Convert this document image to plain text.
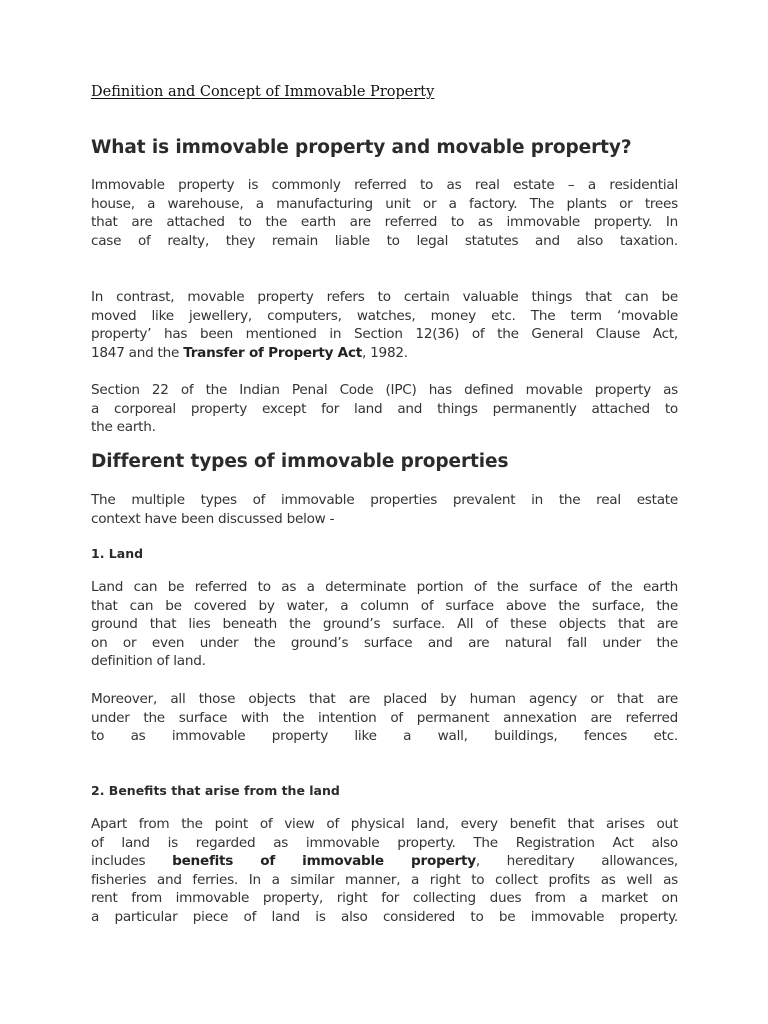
Definition and Concept of Immovable Property
What is immovable property and movable property?
Immovable property is commonly referred to as real estate – a residential
house, a warehouse, a manufacturing unit or a factory. The plants or trees
that are attached to the earth are referred to as immovable property. In
case of realty, they remain liable to legal statutes and also taxation.
In contrast, movable property refers to certain valuable things that can be
moved like jewellery, computers, watches, money etc. The term ‘movable
property’ has been mentioned in Section 12(36) of the General Clause Act,
1847 and the Transfer of Property Act, 1982.
Section 22 of the Indian Penal Code (IPC) has defined movable property as
a corporeal property except for land and things permanently attached to
the earth.
Different types of immovable properties
The multiple types of immovable properties prevalent in the real estate
context have been discussed below -
1. Land
Land can be referred to as a determinate portion of the surface of the earth
that can be covered by water, a column of surface above the surface, the
ground that lies beneath the ground’s surface. All of these objects that are
on or even under the ground’s surface and are natural fall under the
definition of land.
Moreover, all those objects that are placed by human agency or that are
under the surface with the intention of permanent annexation are referred
to as immovable property like a wall, buildings, fences etc.
2. Benefits that arise from the land
Apart from the point of view of physical land, every benefit that arises out
of land is regarded as immovable property. The Registration Act also
includes benefits of immovable property, hereditary allowances,
fisheries and ferries. In a similar manner, a right to collect profits as well as
rent from immovable property, right for collecting dues from a market on
a particular piece of land is also considered to be immovable property.
